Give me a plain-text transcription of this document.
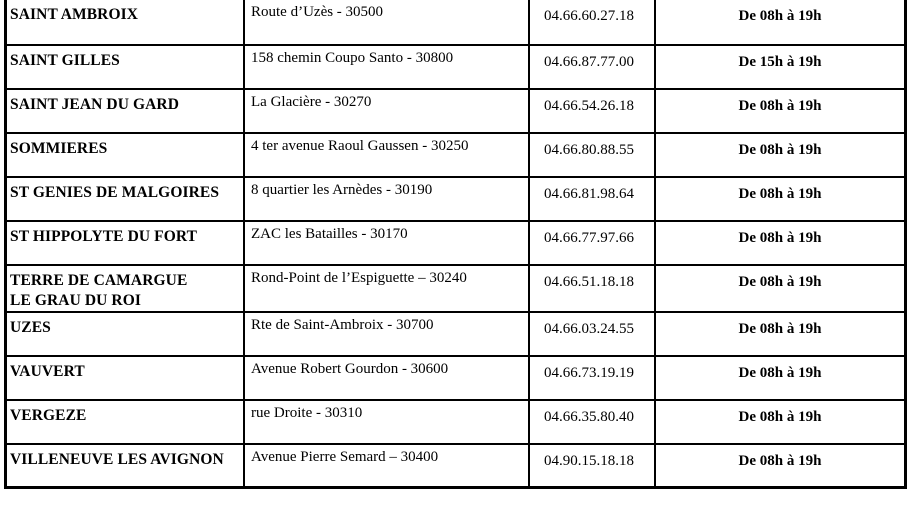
SAINT AMBROIX	Route d’Uzès - 30500	04.66.60.27.18	De 08h à 19h
SAINT GILLES	158 chemin Coupo Santo - 30800	04.66.87.77.00	De 15h à 19h
SAINT JEAN DU GARD	La Glacière - 30270	04.66.54.26.18	De 08h à 19h
SOMMIERES	4 ter avenue Raoul Gaussen - 30250	04.66.80.88.55	De 08h à 19h
ST GENIES DE MALGOIRES	8 quartier les Arnèdes - 30190	04.66.81.98.64	De 08h à 19h
ST HIPPOLYTE DU FORT	ZAC les Batailles - 30170	04.66.77.97.66	De 08h à 19h

TERRE DE CAMARGUE
LE GRAU DU ROI	Rond-Point de l’Espiguette – 30240	04.66.51.18.18	De 08h à 19h
UZES	Rte de Saint-Ambroix - 30700	04.66.03.24.55	De 08h à 19h
VAUVERT	Avenue Robert Gourdon - 30600	04.66.73.19.19	De 08h à 19h
VERGEZE	rue Droite - 30310	04.66.35.80.40	De 08h à 19h
VILLENEUVE LES AVIGNON	Avenue Pierre Semard – 30400	04.90.15.18.18	De 08h à 19h
